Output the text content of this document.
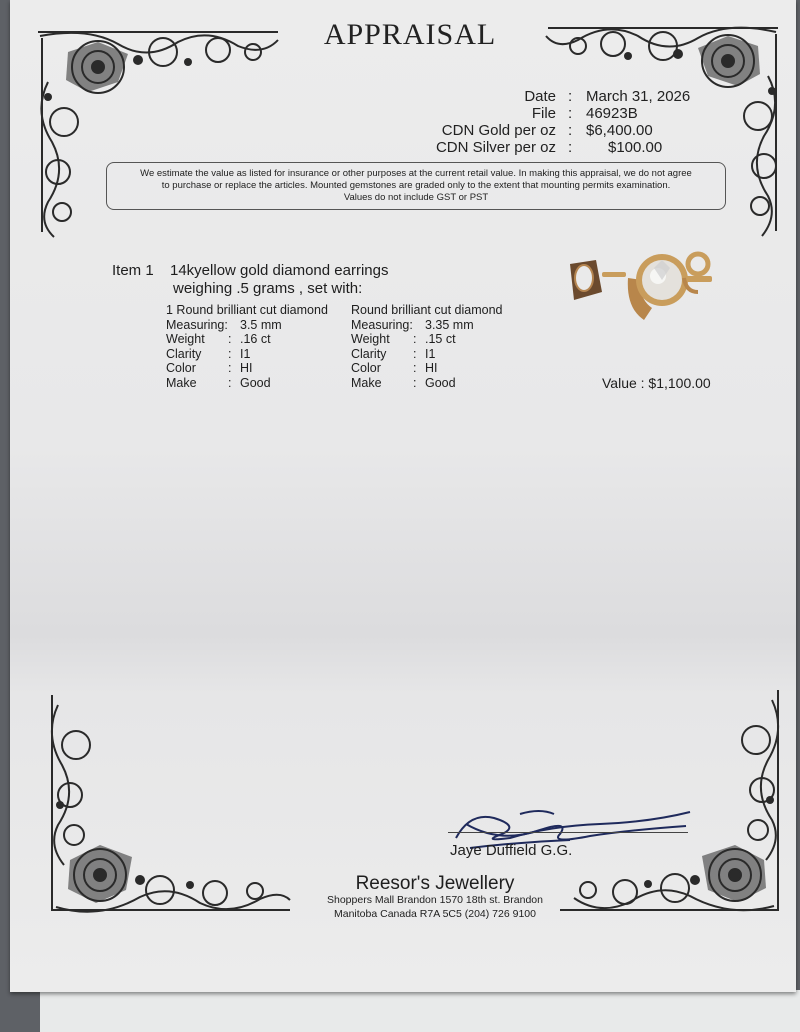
APPRAISAL
Date : March 31, 2026
File : 46923B
CDN Gold per oz : $6,400.00
CDN Silver per oz : $100.00
We estimate the value as listed for insurance or other purposes at the current retail value. In making this appraisal, we do not agree
to purchase or replace the articles. Mounted gemstones are graded only to the extent that mounting permits examination.
Values do not include GST or PST
Item 1 14kyellow gold diamond earrings
weighing .5 grams , set with:
1 Round brilliant cut diamond
Measuring: 3.5 mm
Weight : .16 ct
Clarity : I1
Color	: HI
Make	: Good
Round brilliant cut diamond
Measuring: 3.35 mm
Weight : .15 ct
Clarity : I1
Color	: HI
Make	: Good	Value : $1,100.00
Jaye Duffield G.G.
Reesor's Jewellery
Shoppers Mall Brandon 1570 18th st. Brandon
Manitoba Canada R7A 5C5 (204) 726 9100
